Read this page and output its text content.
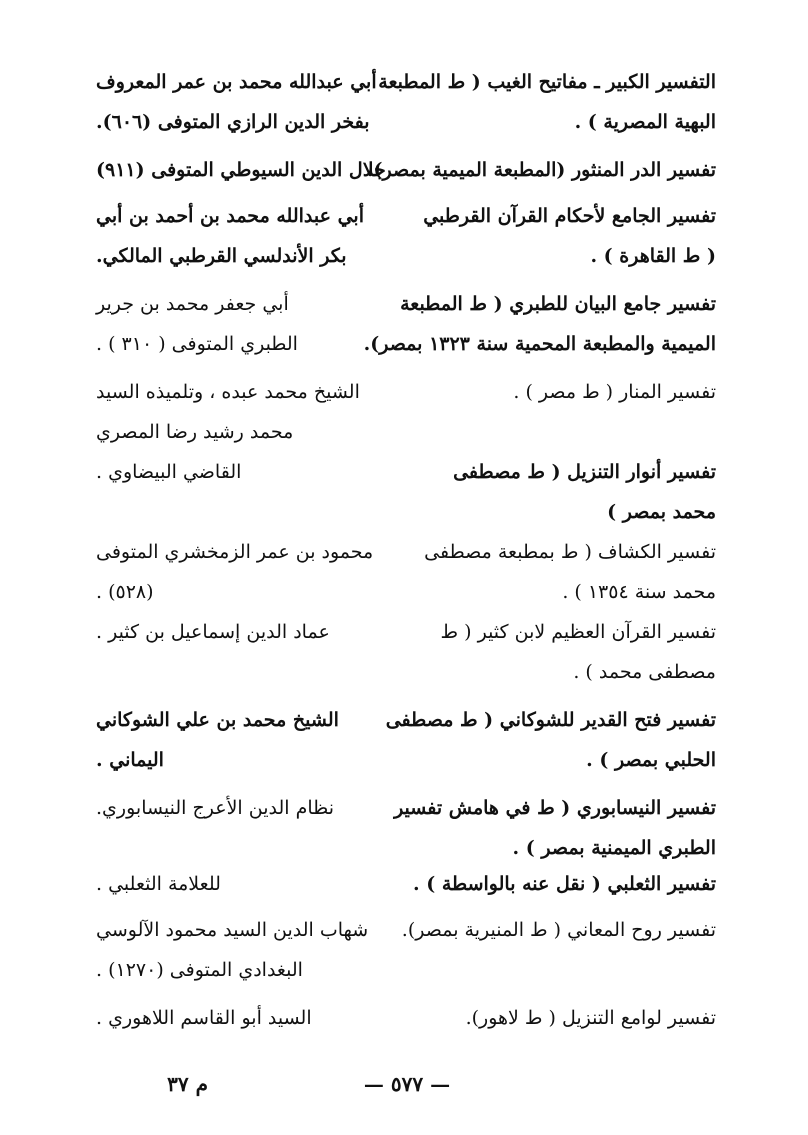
التفسير الكبير ـ مفاتيح الغيب ( ط المطبعة
أبي عبدالله محمد بن عمر المعروف
البهية المصرية ) .
بفخر الدين الرازي المتوفى (٦٠٦).
تفسير الدر المنثور (المطبعة الميمية بمصر).
جلال الدين السيوطي المتوفى (٩١١)
تفسير الجامع لأحكام القرآن القرطبي
أبي عبدالله محمد بن أحمد بن أبي
( ط القاهرة ) .
بكر الأندلسي القرطبي المالكي.
تفسير جامع البيان للطبري ( ط المطبعة
أبي جعفر محمد بن جرير
الميمية والمطبعة المحمية سنة ١٣٢٣ بمصر).
الطبري المتوفى ( ٣١٠ ) .
تفسير المنار ( ط مصر ) .
الشيخ محمد عبده ، وتلميذه السيد
محمد رشيد رضا المصري
تفسير أنوار التنزيل ( ط مصطفى
القاضي البيضاوي .
محمد بمصر )
تفسير الكشاف ( ط بمطبعة مصطفى
محمود بن عمر الزمخشري المتوفى
محمد سنة ١٣٥٤ ) .
(٥٢٨) .
تفسير القرآن العظيم لابن كثير ( ط
عماد الدين إسماعيل بن كثير .
مصطفى محمد ) .
تفسير فتح القدير للشوكاني ( ط مصطفى
الشيخ محمد بن علي الشوكاني
الحلبي بمصر ) .
اليماني .
تفسير النيسابوري ( ط في هامش تفسير
نظام الدين الأعرج النيسابوري.
الطبري الميمنية بمصر ) .
تفسير الثعلبي ( نقل عنه بالواسطة ) .
للعلامة الثعلبي .
تفسير روح المعاني ( ط المنيرية بمصر).
شهاب الدين السيد محمود الآلوسي
البغدادي المتوفى (١٢٧٠) .
تفسير لوامع التنزيل ( ط لاهور).
السيد أبو القاسم اللاهوري .
م ٣٧	— ٥٧٧ —
